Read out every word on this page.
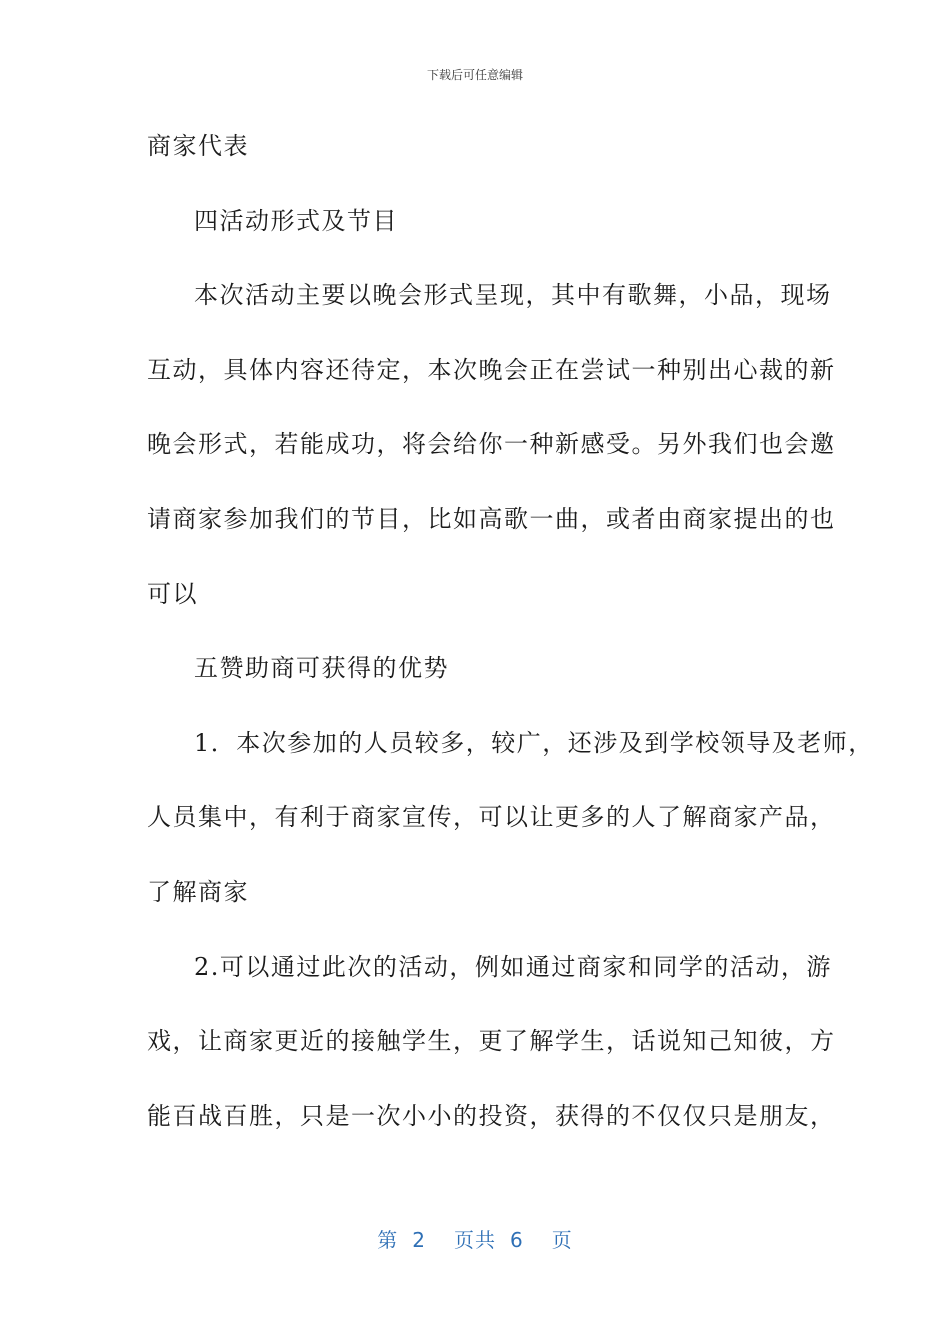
下载后可任意编辑
商家代表
四活动形式及节目
本次活动主要以晚会形式呈现，其中有歌舞，小品，现场
互动，具体内容还待定，本次晚会正在尝试一种别出心裁的新
晚会形式，若能成功，将会给你一种新感受。另外我们也会邀
请商家参加我们的节目，比如高歌一曲，或者由商家提出的也
可以
五赞助商可获得的优势
1．本次参加的人员较多，较广，还涉及到学校领导及老师，
人员集中，有利于商家宣传，可以让更多的人了解商家产品，
了解商家
2.可以通过此次的活动，例如通过商家和同学的活动，游
戏，让商家更近的接触学生，更了解学生，话说知己知彼，方
能百战百胜，只是一次小小的投资，获得的不仅仅只是朋友，
第 2 页共 6 页
